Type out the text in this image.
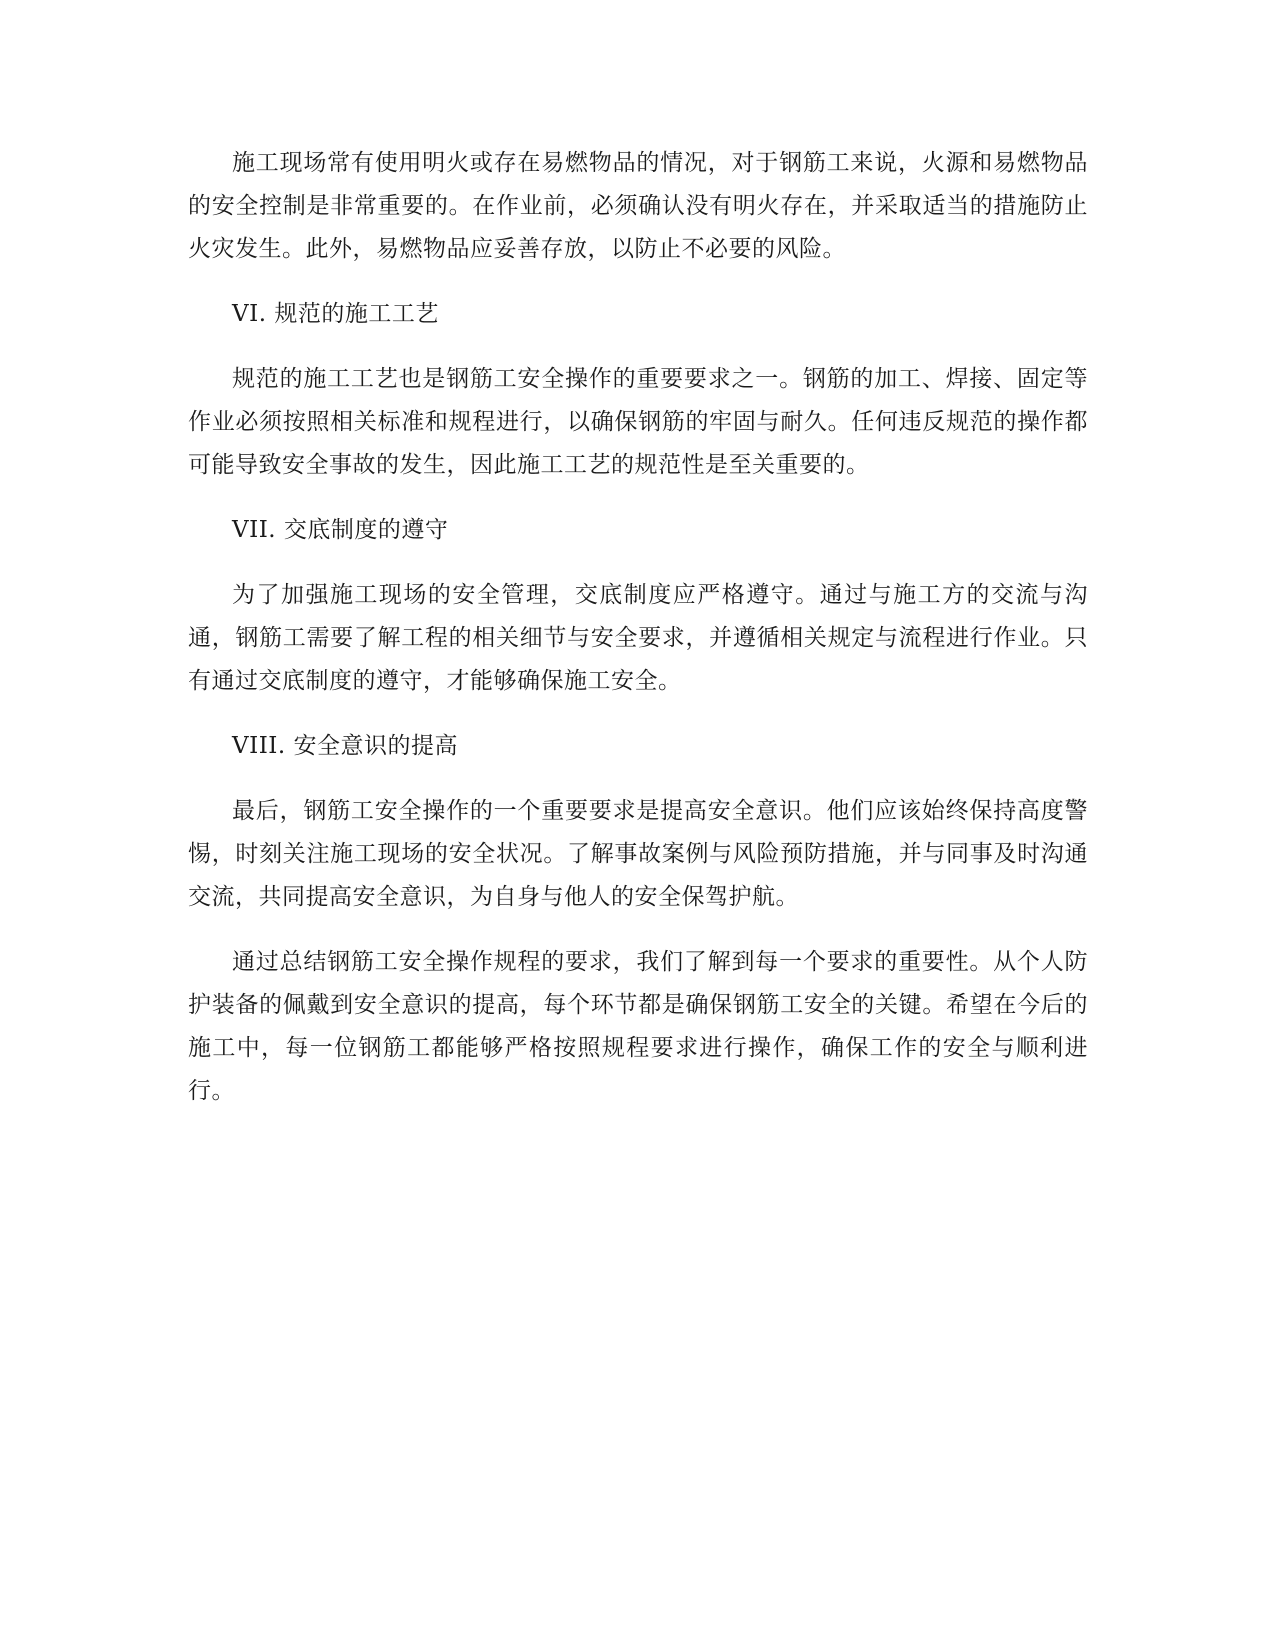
施工现场常有使用明火或存在易燃物品的情况，对于钢筋工来说，火源和易燃物品的安全控制是非常重要的。在作业前，必须确认没有明火存在，并采取适当的措施防止火灾发生。此外，易燃物品应妥善存放，以防止不必要的风险。

VI. 规范的施工工艺

规范的施工工艺也是钢筋工安全操作的重要要求之一。钢筋的加工、焊接、固定等作业必须按照相关标准和规程进行，以确保钢筋的牢固与耐久。任何违反规范的操作都可能导致安全事故的发生，因此施工工艺的规范性是至关重要的。

VII. 交底制度的遵守

为了加强施工现场的安全管理，交底制度应严格遵守。通过与施工方的交流与沟通，钢筋工需要了解工程的相关细节与安全要求，并遵循相关规定与流程进行作业。只有通过交底制度的遵守，才能够确保施工安全。

VIII. 安全意识的提高

最后，钢筋工安全操作的一个重要要求是提高安全意识。他们应该始终保持高度警惕，时刻关注施工现场的安全状况。了解事故案例与风险预防措施，并与同事及时沟通交流，共同提高安全意识，为自身与他人的安全保驾护航。

通过总结钢筋工安全操作规程的要求，我们了解到每一个要求的重要性。从个人防护装备的佩戴到安全意识的提高，每个环节都是确保钢筋工安全的关键。希望在今后的施工中，每一位钢筋工都能够严格按照规程要求进行操作，确保工作的安全与顺利进行。
